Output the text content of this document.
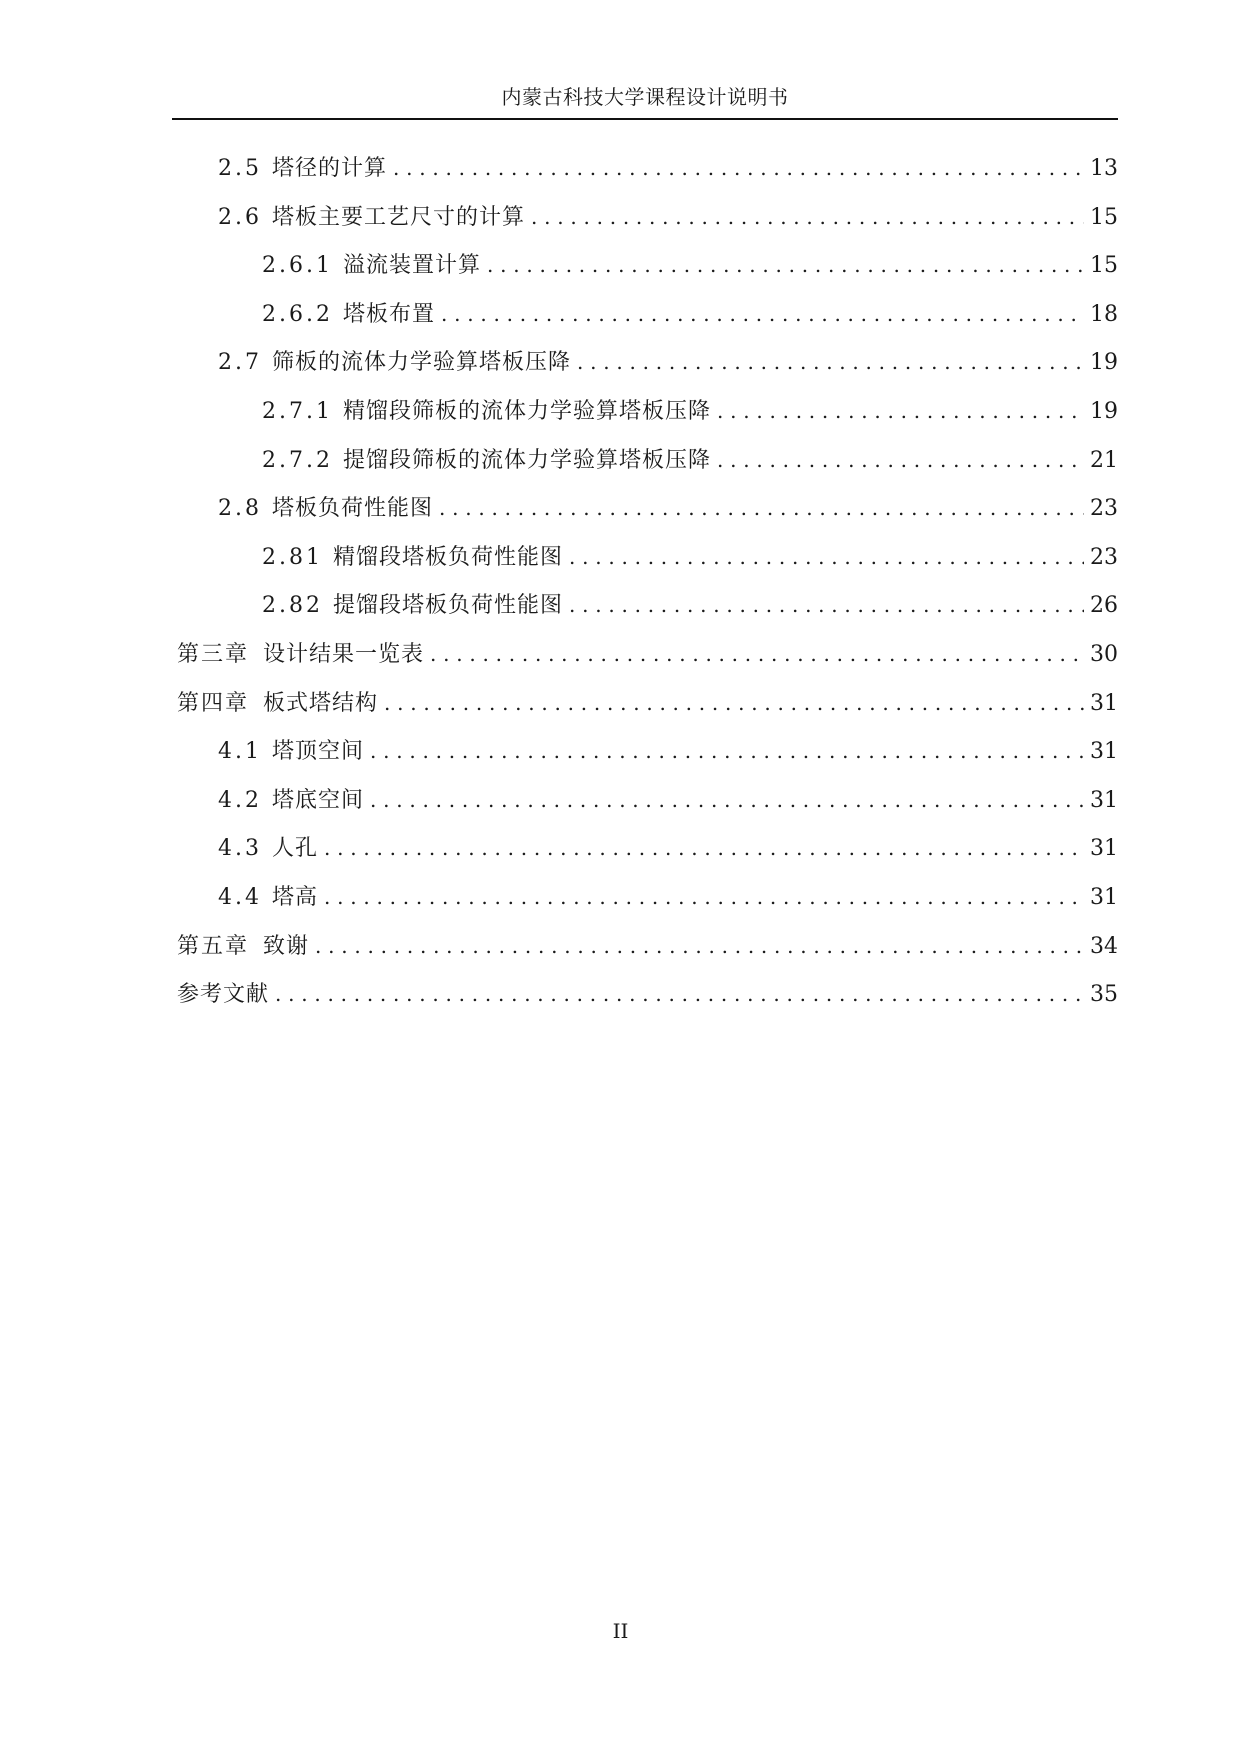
内蒙古科技大学课程设计说明书
2.5 塔径的计算 . . .	13
2.6 塔板主要工艺尺寸的计算 . . .	15
2.6.1 溢流装置计算 . . .	15
2.6.2 塔板布置 . . .	18
2.7 筛板的流体力学验算塔板压降 . . .	19
2.7.1 精馏段筛板的流体力学验算塔板压降 . . .	19
2.7.2 提馏段筛板的流体力学验算塔板压降 . . .	21
2.8 塔板负荷性能图 . . .	23
2.81 精馏段塔板负荷性能图 . . .	23
2.82 提馏段塔板负荷性能图 . . .	26
第三章 设计结果一览表 . . .	30
第四章 板式塔结构 . . .	31
4.1 塔顶空间 . . .	31
4.2 塔底空间 . . .	31
4.3 人孔 . . .	31
4.4 塔高 . . .	31
第五章 致谢 . . .	34
参考文献 . . .	35
II
